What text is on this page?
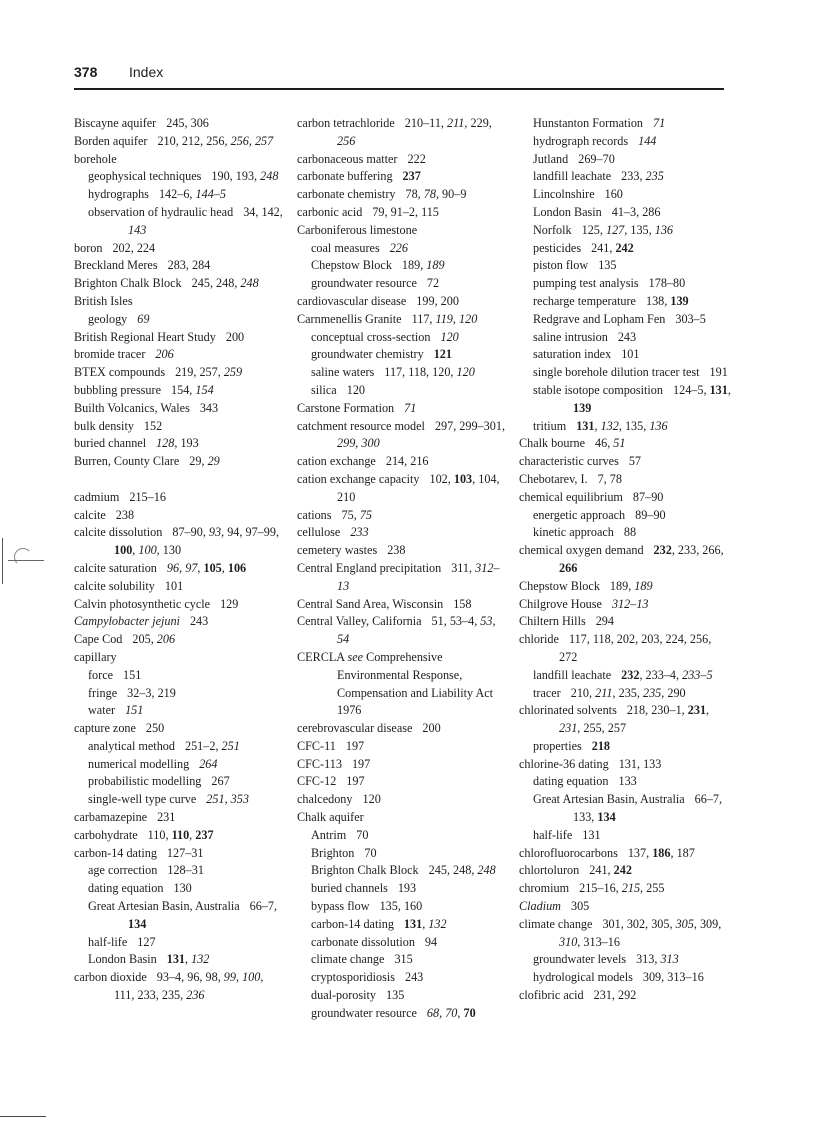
378 Index
Biscayne aquifer 245, 306
Borden aquifer 210, 212, 256, 256, 257
borehole
geophysical techniques 190, 193, 248
hydrographs 142–6, 144–5
observation of hydraulic head 34, 142, 143
boron 202, 224
Breckland Meres 283, 284
Brighton Chalk Block 245, 248, 248
British Isles
geology 69
British Regional Heart Study 200
bromide tracer 206
BTEX compounds 219, 257, 259
bubbling pressure 154, 154
Builth Volcanics, Wales 343
bulk density 152
buried channel 128, 193
Burren, County Clare 29, 29
cadmium 215–16
calcite 238
calcite dissolution 87–90, 93, 94, 97–99, 100, 100, 130
calcite saturation 96, 97, 105, 106
calcite solubility 101
Calvin photosynthetic cycle 129
Campylobacter jejuni 243
Cape Cod 205, 206
capillary
force 151
fringe 32–3, 219
water 151
capture zone 250
analytical method 251–2, 251
numerical modelling 264
probabilistic modelling 267
single-well type curve 251, 353
carbamazepine 231
carbohydrate 110, 110, 237
carbon-14 dating 127–31
age correction 128–31
dating equation 130
Great Artesian Basin, Australia 66–7, 134
half-life 127
London Basin 131, 132
carbon dioxide 93–4, 96, 98, 99, 100, 111, 233, 235, 236
carbon tetrachloride 210–11, 211, 229, 256
carbonaceous matter 222
carbonate buffering 237
carbonate chemistry 78, 78, 90–9
carbonic acid 79, 91–2, 115
Carboniferous limestone
coal measures 226
Chepstow Block 189, 189
groundwater resource 72
cardiovascular disease 199, 200
Carnmenellis Granite 117, 119, 120
conceptual cross-section 120
groundwater chemistry 121
saline waters 117, 118, 120, 120
silica 120
Carstone Formation 71
catchment resource model 297, 299–301, 299, 300
cation exchange 214, 216
cation exchange capacity 102, 103, 104, 210
cations 75, 75
cellulose 233
cemetery wastes 238
Central England precipitation 311, 312–13
Central Sand Area, Wisconsin 158
Central Valley, California 51, 53–4, 53, 54
CERCLA see Comprehensive Environmental Response, Compensation and Liability Act 1976
cerebrovascular disease 200
CFC-11 197
CFC-113 197
CFC-12 197
chalcedony 120
Chalk aquifer
Antrim 70
Brighton 70
Brighton Chalk Block 245, 248, 248
buried channels 193
bypass flow 135, 160
carbon-14 dating 131, 132
carbonate dissolution 94
climate change 315
cryptosporidiosis 243
dual-porosity 135
groundwater resource 68, 70, 70
Hunstanton Formation 71
hydrograph records 144
Jutland 269–70
landfill leachate 233, 235
Lincolnshire 160
London Basin 41–3, 286
Norfolk 125, 127, 135, 136
pesticides 241, 242
piston flow 135
pumping test analysis 178–80
recharge temperature 138, 139
Redgrave and Lopham Fen 303–5
saline intrusion 243
saturation index 101
single borehole dilution tracer test 191
stable isotope composition 124–5, 131, 139
tritium 131, 132, 135, 136
Chalk bourne 46, 51
characteristic curves 57
Chebotarev, I. 7, 78
chemical equilibrium 87–90
energetic approach 89–90
kinetic approach 88
chemical oxygen demand 232, 233, 266, 266
Chepstow Block 189, 189
Chilgrove House 312–13
Chiltern Hills 294
chloride 117, 118, 202, 203, 224, 256, 272
landfill leachate 232, 233–4, 233–5
tracer 210, 211, 235, 235, 290
chlorinated solvents 218, 230–1, 231, 231, 255, 257
properties 218
chlorine-36 dating 131, 133
dating equation 133
Great Artesian Basin, Australia 66–7, 133, 134
half-life 131
chlorofluorocarbons 137, 186, 187
chlortoluron 241, 242
chromium 215–16, 215, 255
Cladium 305
climate change 301, 302, 305, 305, 309, 310, 313–16
groundwater levels 313, 313
hydrological models 309, 313–16
clofibric acid 231, 292
